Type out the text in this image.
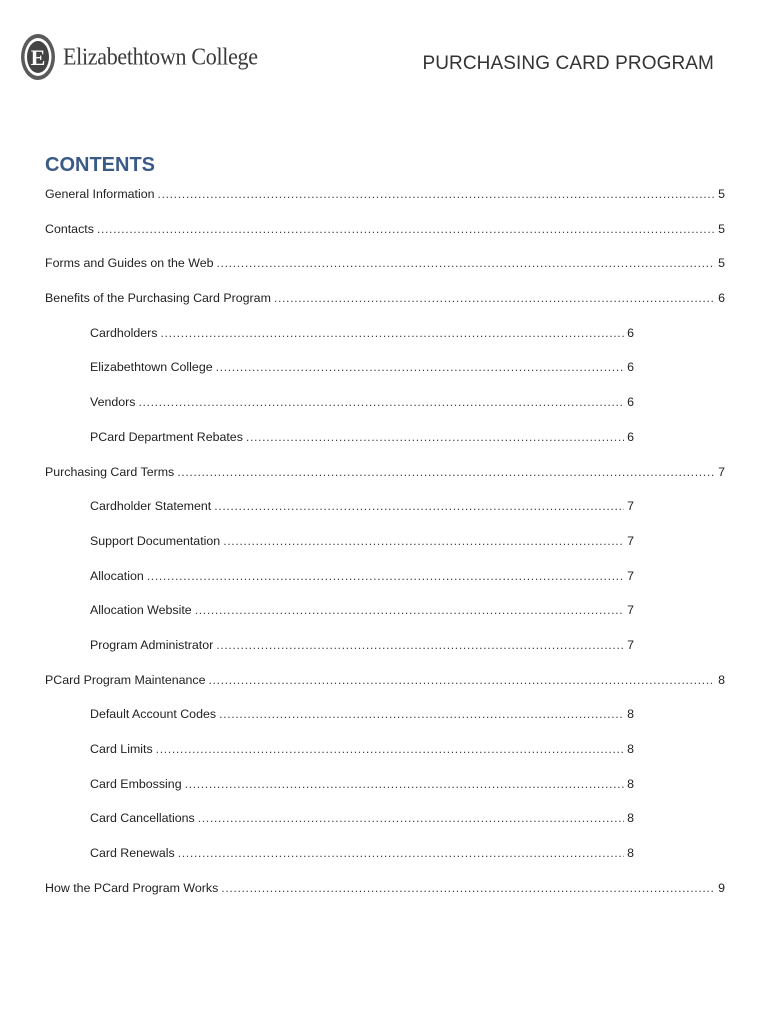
E Elizabethtown College	PURCHASING CARD PROGRAM
CONTENTS
General Information .....	5
Contacts .....	5
Forms and Guides on the Web .....	5
Benefits of the Purchasing Card Program .....	6
Cardholders .....	6
Elizabethtown College .....	6
Vendors .....	6
PCard Department Rebates .....	6
Purchasing Card Terms .....	7
Cardholder Statement .....	7
Support Documentation .....	7
Allocation .....	7
Allocation Website .....	7
Program Administrator .....	7
PCard Program Maintenance .....	8
Default Account Codes .....	8
Card Limits .....	8
Card Embossing .....	8
Card Cancellations .....	8
Card Renewals .....	8
How the PCard Program Works .....	9
